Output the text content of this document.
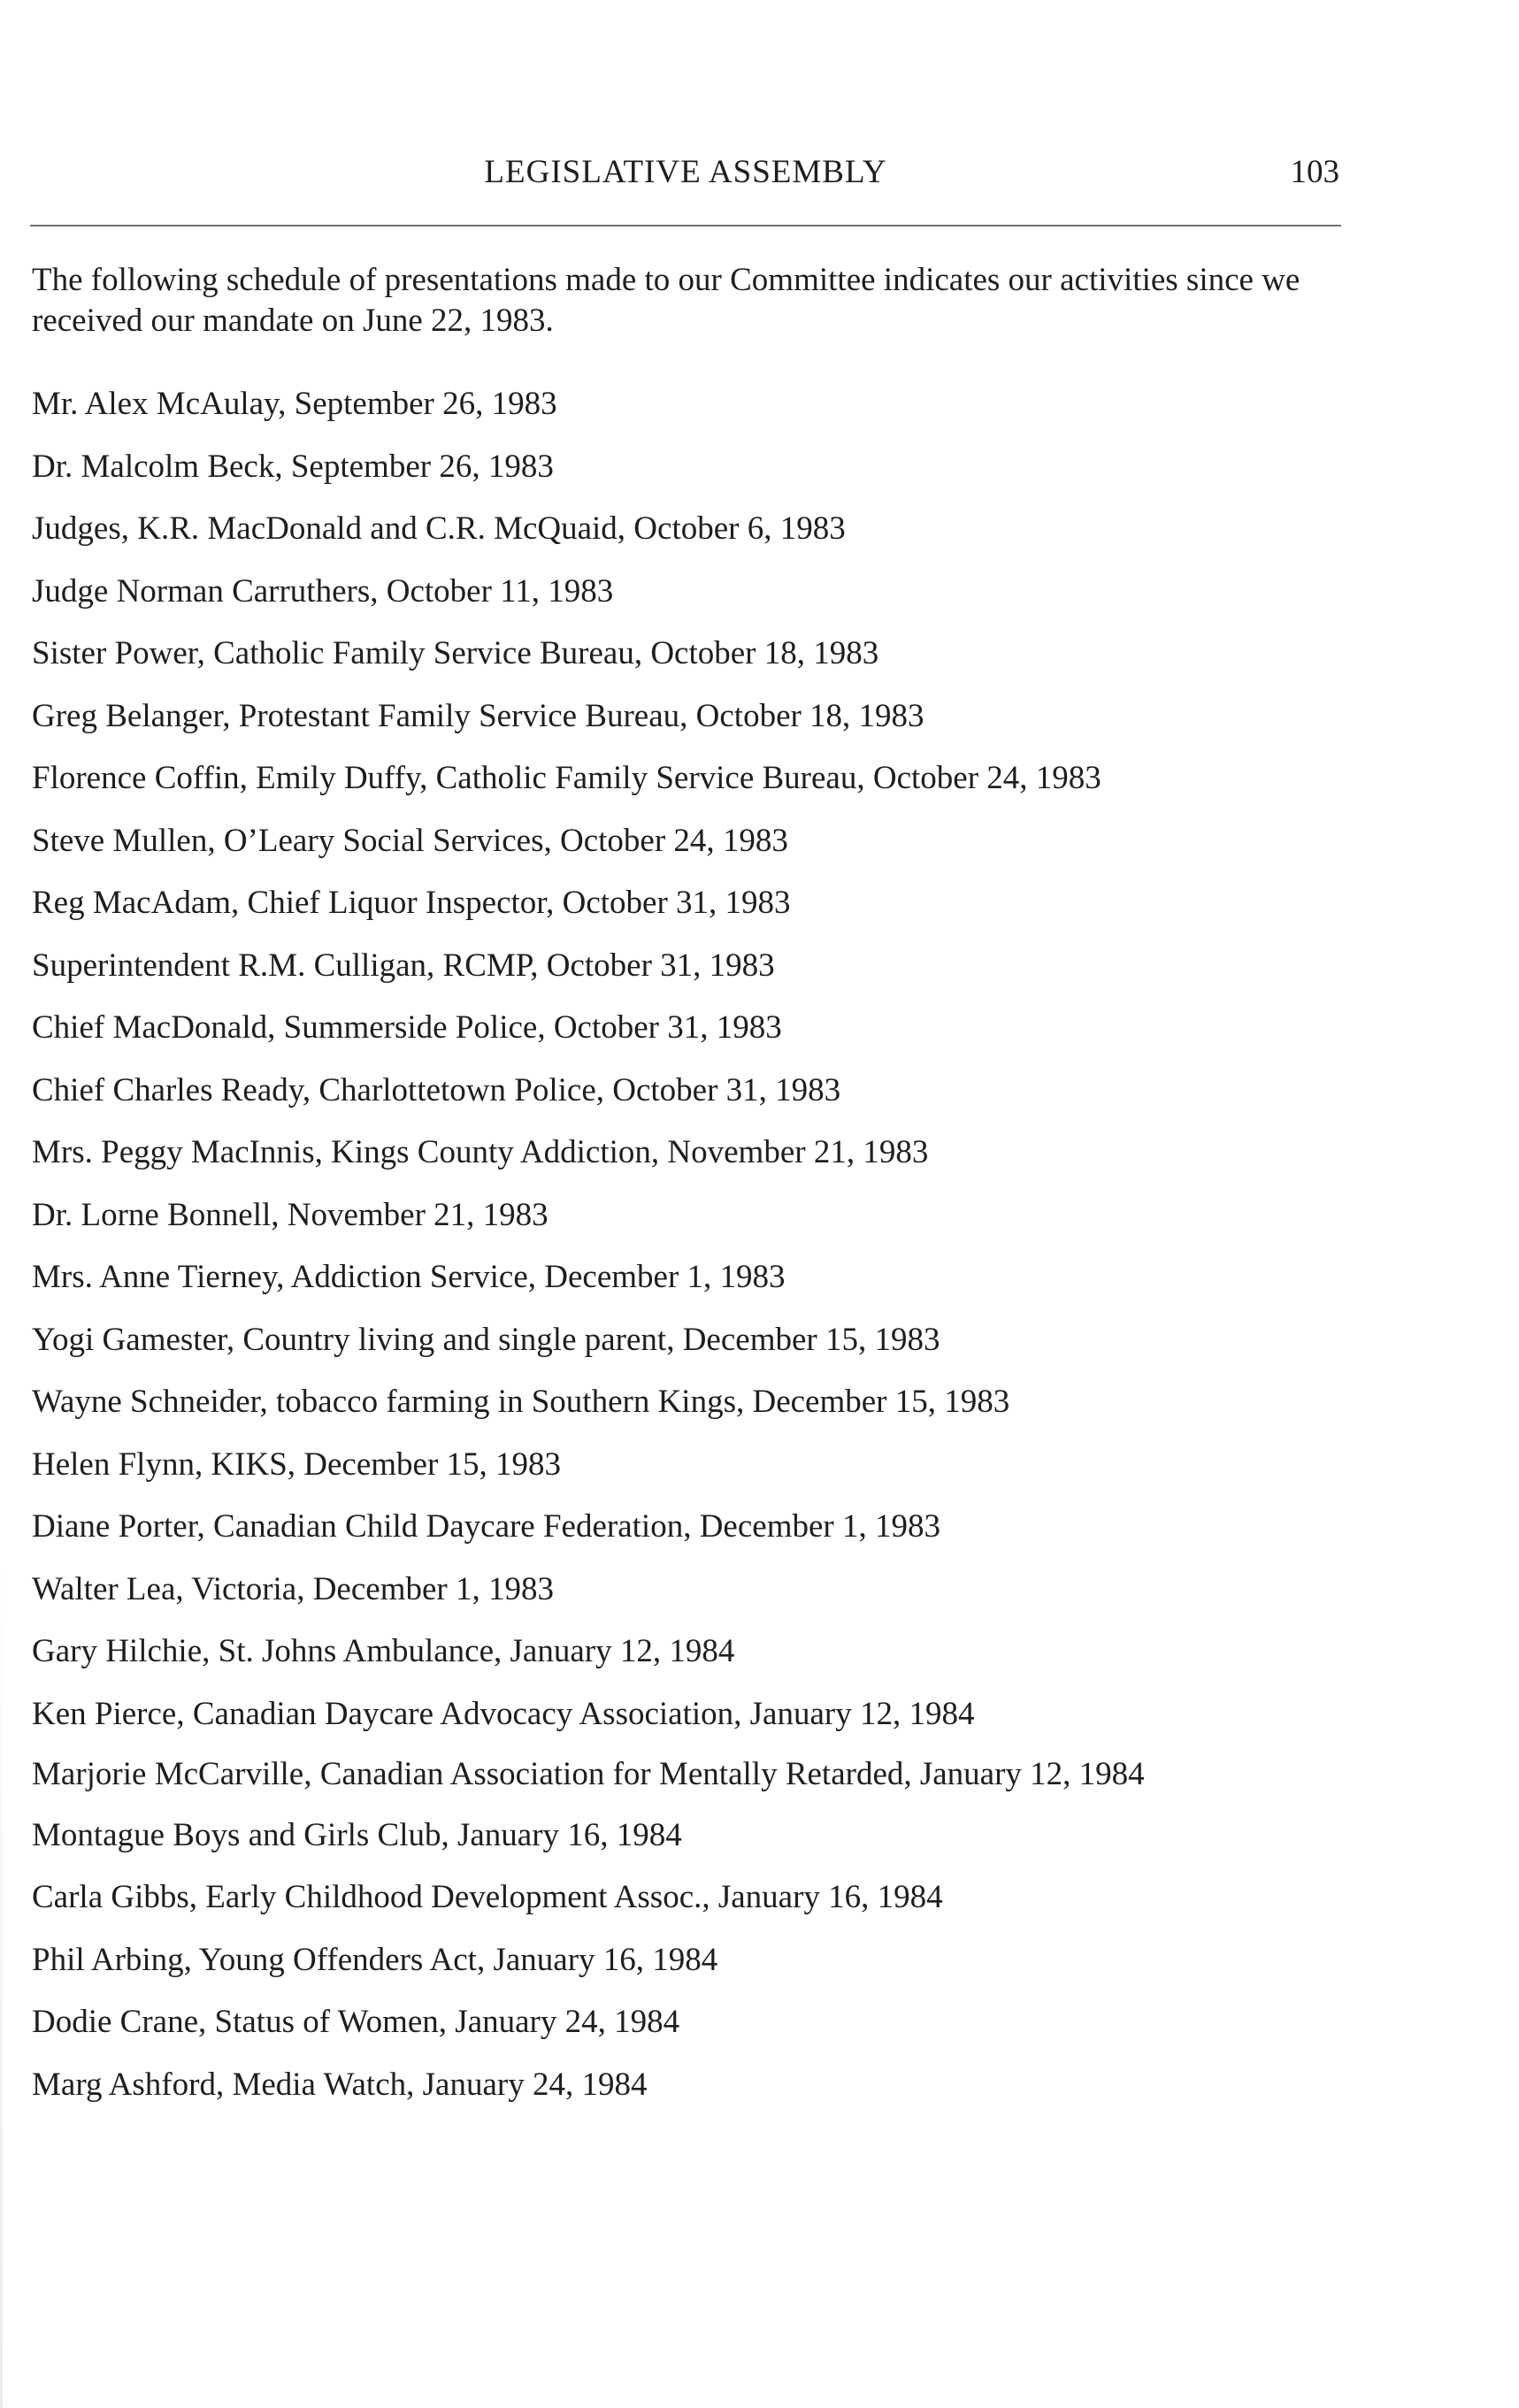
LEGISLATIVE ASSEMBLY	103

The following schedule of presentations made to our Committee indicates our activities since we received our mandate on June 22, 1983.

Mr. Alex McAulay, September 26, 1983
Dr. Malcolm Beck, September 26, 1983
Judges, K.R. MacDonald and C.R. McQuaid, October 6, 1983
Judge Norman Carruthers, October 11, 1983
Sister Power, Catholic Family Service Bureau, October 18, 1983
Greg Belanger, Protestant Family Service Bureau, October 18, 1983
Florence Coffin, Emily Duffy, Catholic Family Service Bureau, October 24, 1983
Steve Mullen, O’Leary Social Services, October 24, 1983
Reg MacAdam, Chief Liquor Inspector, October 31, 1983
Superintendent R.M. Culligan, RCMP, October 31, 1983
Chief MacDonald, Summerside Police, October 31, 1983
Chief Charles Ready, Charlottetown Police, October 31, 1983
Mrs. Peggy MacInnis, Kings County Addiction, November 21, 1983
Dr. Lorne Bonnell, November 21, 1983
Mrs. Anne Tierney, Addiction Service, December 1, 1983
Yogi Gamester, Country living and single parent, December 15, 1983
Wayne Schneider, tobacco farming in Southern Kings, December 15, 1983
Helen Flynn, KIKS, December 15, 1983
Diane Porter, Canadian Child Daycare Federation, December 1, 1983
Walter Lea, Victoria, December 1, 1983
Gary Hilchie, St. Johns Ambulance, January 12, 1984
Ken Pierce, Canadian Daycare Advocacy Association, January 12, 1984
Marjorie McCarville, Canadian Association for Mentally Retarded, January 12, 1984
Montague Boys and Girls Club, January 16, 1984
Carla Gibbs, Early Childhood Development Assoc., January 16, 1984
Phil Arbing, Young Offenders Act, January 16, 1984
Dodie Crane, Status of Women, January 24, 1984
Marg Ashford, Media Watch, January 24, 1984
